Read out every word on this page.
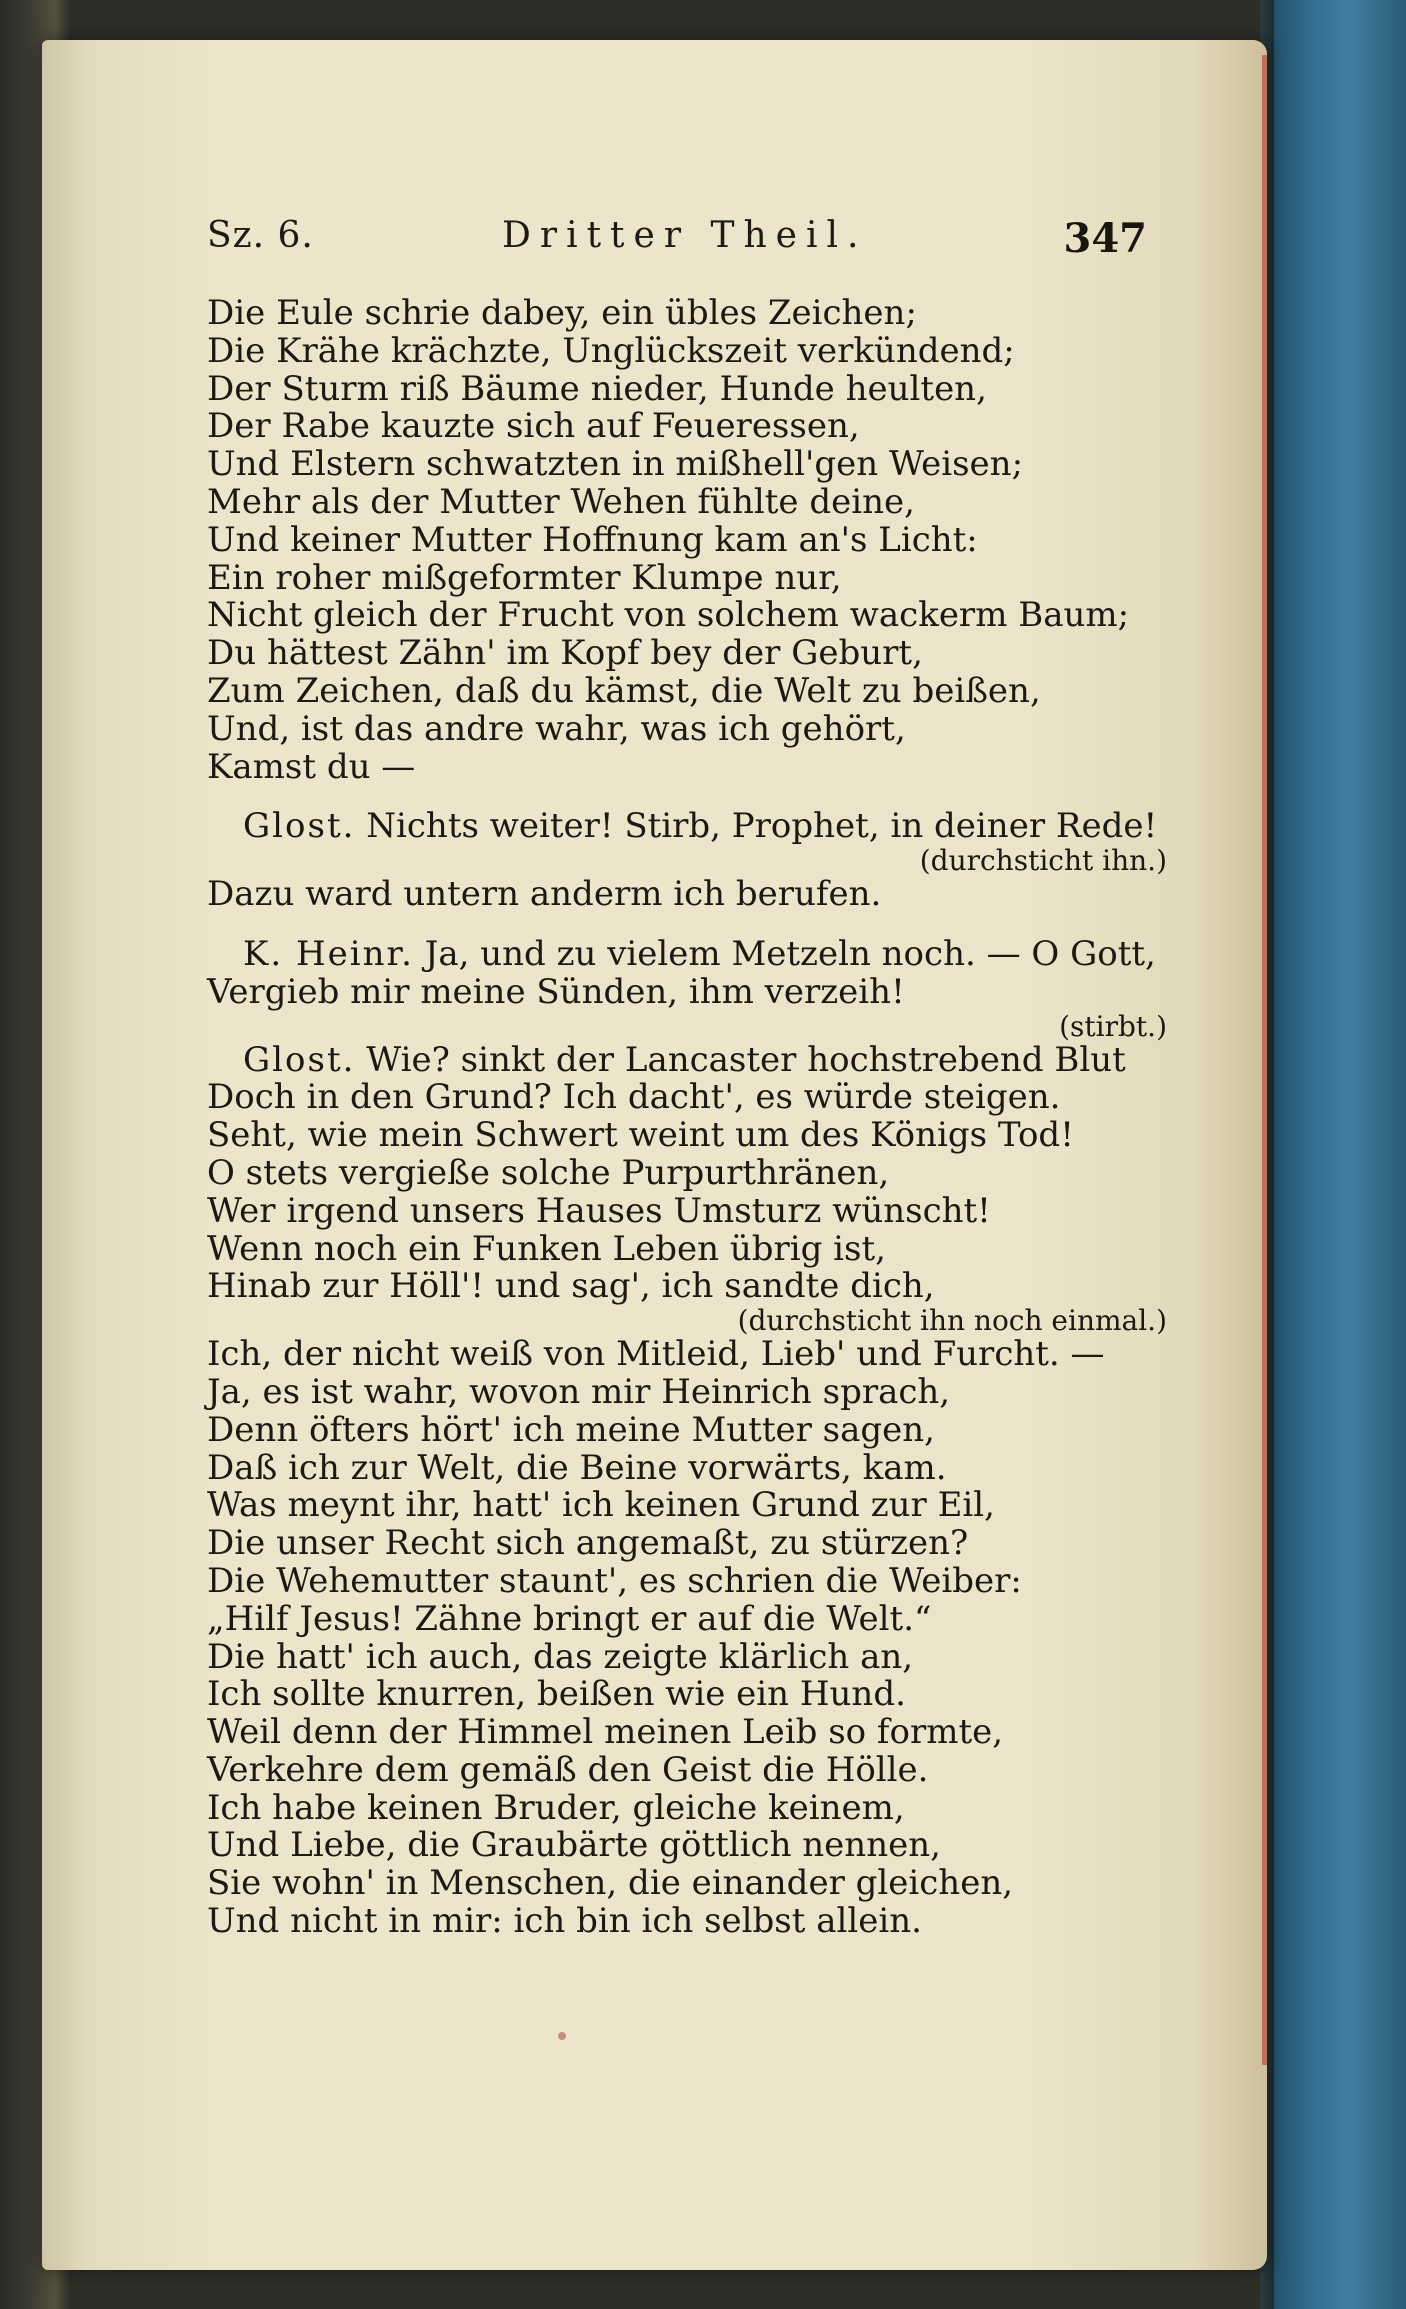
Sz. 6.	Dritter Theil.	347
Die Eule schrie dabey, ein übles Zeichen;
Die Krähe krächzte, Unglückszeit verkündend;
Der Sturm riß Bäume nieder, Hunde heulten,
Der Rabe kauzte sich auf Feueressen,
Und Elstern schwatzten in mißhell'gen Weisen;
Mehr als der Mutter Wehen fühlte deine,
Und keiner Mutter Hoffnung kam an's Licht:
Ein roher mißgeformter Klumpe nur,
Nicht gleich der Frucht von solchem wackerm Baum;
Du hättest Zähn' im Kopf bey der Geburt,
Zum Zeichen, daß du kämst, die Welt zu beißen,
Und, ist das andre wahr, was ich gehört,
Kamst du —
Glost. Nichts weiter! Stirb, Prophet, in deiner Rede!
(durchsticht ihn.)
Dazu ward untern anderm ich berufen.
K. Heinr. Ja, und zu vielem Metzeln noch. — O Gott,
Vergieb mir meine Sünden, ihm verzeih!
(stirbt.)
Glost. Wie? sinkt der Lancaster hochstrebend Blut
Doch in den Grund? Ich dacht', es würde steigen.
Seht, wie mein Schwert weint um des Königs Tod!
O stets vergieße solche Purpurthränen,
Wer irgend unsers Hauses Umsturz wünscht!
Wenn noch ein Funken Leben übrig ist,
Hinab zur Höll'! und sag', ich sandte dich,
(durchsticht ihn noch einmal.)
Ich, der nicht weiß von Mitleid, Lieb' und Furcht. —
Ja, es ist wahr, wovon mir Heinrich sprach,
Denn öfters hört' ich meine Mutter sagen,
Daß ich zur Welt, die Beine vorwärts, kam.
Was meynt ihr, hatt' ich keinen Grund zur Eil,
Die unser Recht sich angemaßt, zu stürzen?
Die Wehemutter staunt', es schrien die Weiber:
„Hilf Jesus! Zähne bringt er auf die Welt.“
Die hatt' ich auch, das zeigte klärlich an,
Ich sollte knurren, beißen wie ein Hund.
Weil denn der Himmel meinen Leib so formte,
Verkehre dem gemäß den Geist die Hölle.
Ich habe keinen Bruder, gleiche keinem,
Und Liebe, die Graubärte göttlich nennen,
Sie wohn' in Menschen, die einander gleichen,
Und nicht in mir: ich bin ich selbst allein.
